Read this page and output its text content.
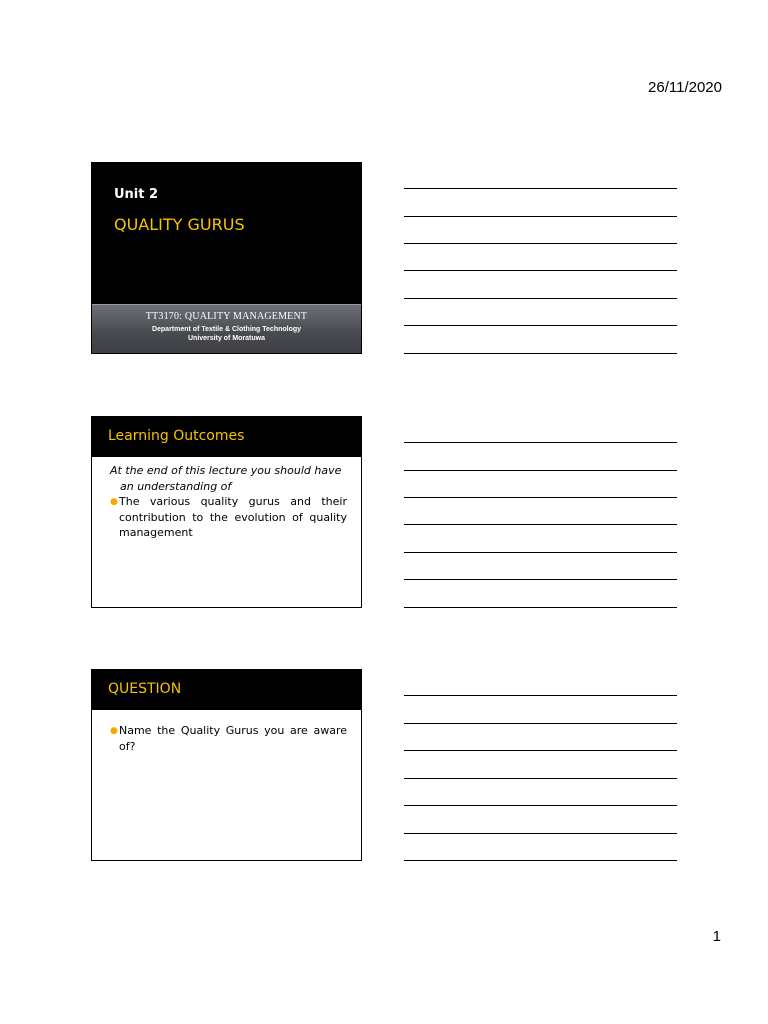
26/11/2020
Unit 2
QUALITY GURUS
TT3170: QUALITY MANAGEMENT
Department of Textile & Clothing Technology
University of Moratuwa
Learning Outcomes
At the end of this lecture you should have
an understanding of
● The various quality gurus and their contribution to the evolution of quality management
QUESTION
● Name the Quality Gurus you are aware of?
1
